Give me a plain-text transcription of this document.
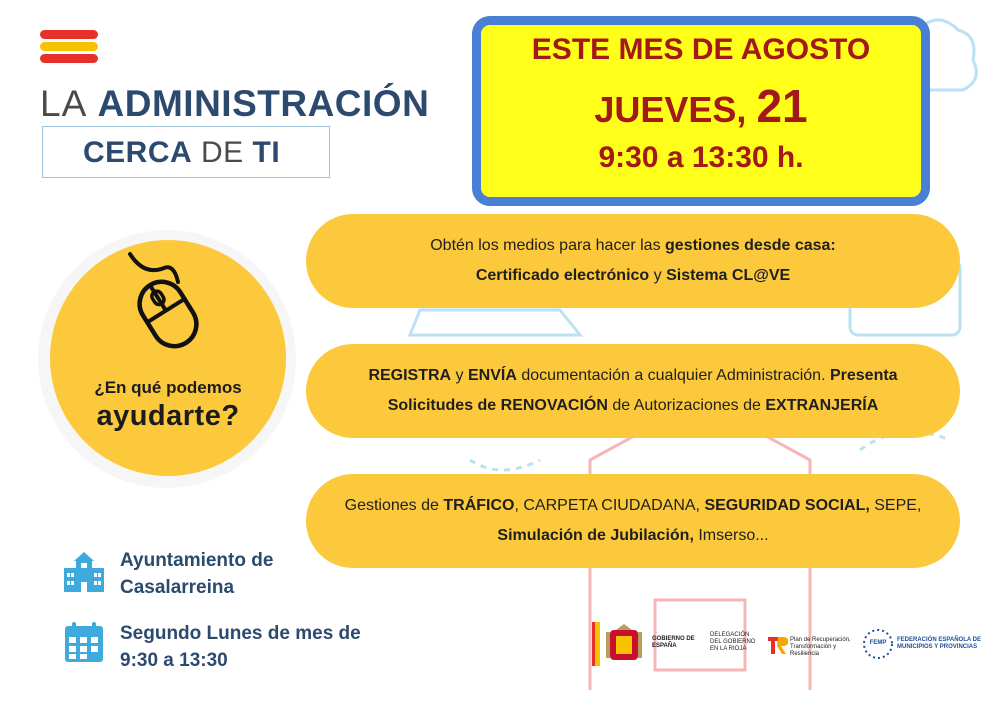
LA ADMINISTRACIÓN
CERCA DE TI
ESTE MES DE AGOSTO
JUEVES, 21
9:30 a 13:30 h.
¿En qué podemos
ayudarte?
Obtén los medios para hacer las gestiones desde casa:
Certificado electrónico y Sistema CL@VE
REGISTRA y ENVÍA documentación a cualquier Administración. Presenta
Solicitudes de RENOVACIÓN de Autorizaciones de EXTRANJERÍA
Gestiones de TRÁFICO, CARPETA CIUDADANA, SEGURIDAD SOCIAL, SEPE,
Simulación de Jubilación, Imserso...
Ayuntamiento de
Casalarreina
Segundo Lunes de mes de
9:30 a 13:30
GOBIERNO DE ESPAÑA
DELEGACIÓN DEL GOBIERNO EN LA RIOJA
Plan de Recuperación, Transformación y Resiliencia
FEMP	FEDERACIÓN ESPAÑOLA DE MUNICIPIOS Y PROVINCIAS
